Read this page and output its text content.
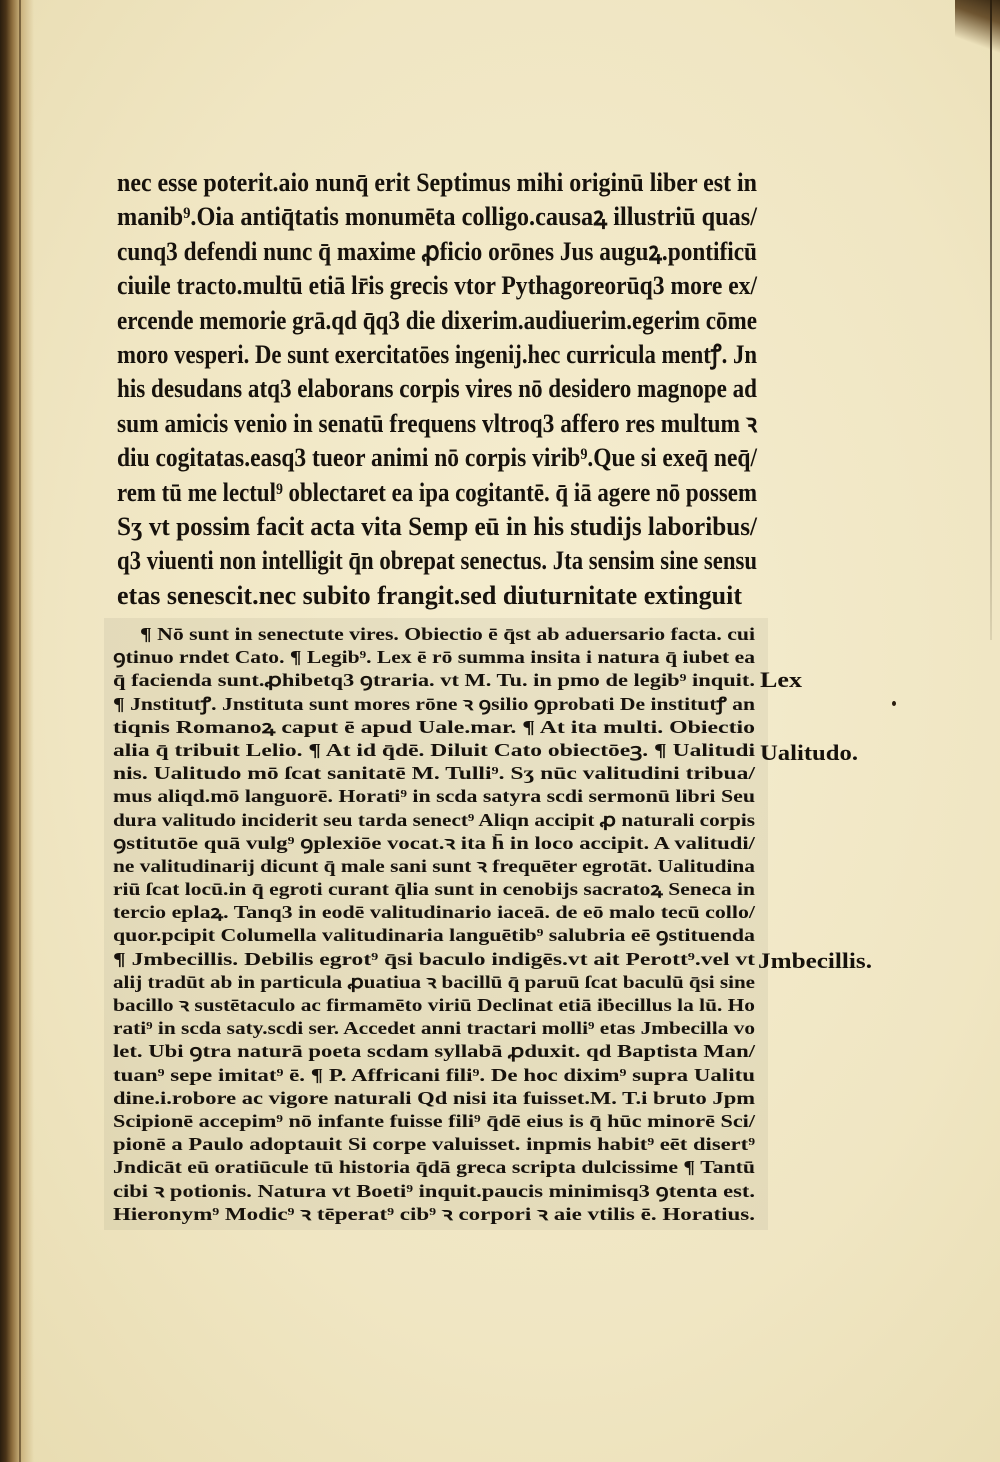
nec esse poterit.aio nunq̄ erit Septimus mihi originū liber est in
manib⁹.Oia antiq̄tatis monumēta colligo.causaꝝ illustriū quas/
cunq3 defendi nunc q̄ maxime ꝓficio orōnes Jus auguꝝ.pontificū
ciuile tracto.multū etiā lr̄is grecis vtor Pythagoreorūq3 more ex/
ercende memorie grā.qd q̄q3 die dixerim.audiuerim.egerim cōme
moro vesperi. De sunt exercitatōes ingenij.hec curricula mentꝭ. Jn
his desudans atq3 elaborans corpis vires nō desidero magnope ad
sum amicis venio in senatū frequens vltroq3 affero res multum ꝛ
diu cogitatas.easq3 tueor animi nō corpis virib⁹.Que si exeq̄ neq̄/
rem tū me lectul⁹ oblectaret ea ipa cogitantē. q̄ iā agere nō possem
Sʒ vt possim facit acta vita Semp eū in his studijs laboribus/
q3 viuenti non intelligit q̄n obrepat senectus. Jta sensim sine sensu
etas senescit.nec subito frangit.sed diuturnitate extinguit
¶ Nō sunt in senectute vires. Obiectio ē q̄st ab aduersario facta. cui
ꝯtinuo rndet Cato. ¶ Legib⁹. Lex ē rō summa insita i natura q̄ iubet ea
q̄ facienda sunt.ꝓhibetq3 ꝯtraria. vt M. Tu. in pmo de legib⁹ inquit.
¶ Jnstitutꝭ. Jnstituta sunt mores rōne ꝛ ꝯsilio ꝯprobati De institutꝭ an
tiqnis Romanoꝝ caput ē apud Uale.mar. ¶ At ita multi. Obiectio
alia q̄ tribuit Lelio. ¶ At id q̄dē. Diluit Cato obiectōeꝫ. ¶ Ualitudi
nis. Ualitudo mō ſcat sanitatē M. Tulli⁹. Sʒ nūc valitudini tribua/
mus aliqd.mō languorē. Horati⁹ in scda satyra scdi sermonū libri Seu
dura valitudo inciderit seu tarda senect⁹ Aliqn accipit ꝓ naturali corpis
ꝯstitutōe quā vulg⁹ ꝯplexiōe vocat.ꝛ ita h̄ in loco accipit. A valitudi/
ne valitudinarij dicunt q̄ male sani sunt ꝛ frequēter egrotāt. Ualitudina
riū ſcat locū.in q̄ egroti curant q̄lia sunt in cenobijs sacratoꝝ Seneca in
tercio eplaꝝ. Tanq3 in eodē valitudinario iaceā. de eō malo tecū collo/
quor.pcipit Columella valitudinaria languētib⁹ salubria eē ꝯstituenda
¶ Jmbecillis. Debilis egrot⁹ q̄si baculo indigēs.vt ait Perott⁹.vel vt
alij tradūt ab in particula ꝓuatiua ꝛ bacillū q̄ paruū ſcat baculū q̄si sine
bacillo ꝛ sustētaculo ac firmamēto viriū Declinat etiā iḃecillus la lū. Ho
rati⁹ in scda saty.scdi ser. Accedet anni tractari molli⁹ etas Jmbecilla vo
let. Ubi ꝯtra naturā poeta scdam syllabā ꝓduxit. qd Baptista Man/
tuan⁹ sepe imitat⁹ ē. ¶ P. Affricani fili⁹. De hoc dixim⁹ supra Ualitu
dine.i.robore ac vigore naturali Qd nisi ita fuisset.M. T.i bruto Jpm
Scipionē accepim⁹ nō infante fuisse fili⁹ q̄dē eius is q̄ hūc minorē Sci/
pionē a Paulo adoptauit Si corpe valuisset. inpmis habit⁹ eēt disert⁹
Jndicāt eū oratiūcule tū historia q̄dā greca scripta dulcissime ¶ Tantū
cibi ꝛ potionis. Natura vt Boeti⁹ inquit.paucis minimisq3 ꝯtenta est.
Hieronym⁹ Modic⁹ ꝛ tēperat⁹ cib⁹ ꝛ corpori ꝛ aie vtilis ē. Horatius.
Lex
Ualitudo.
Jmbecillis.
